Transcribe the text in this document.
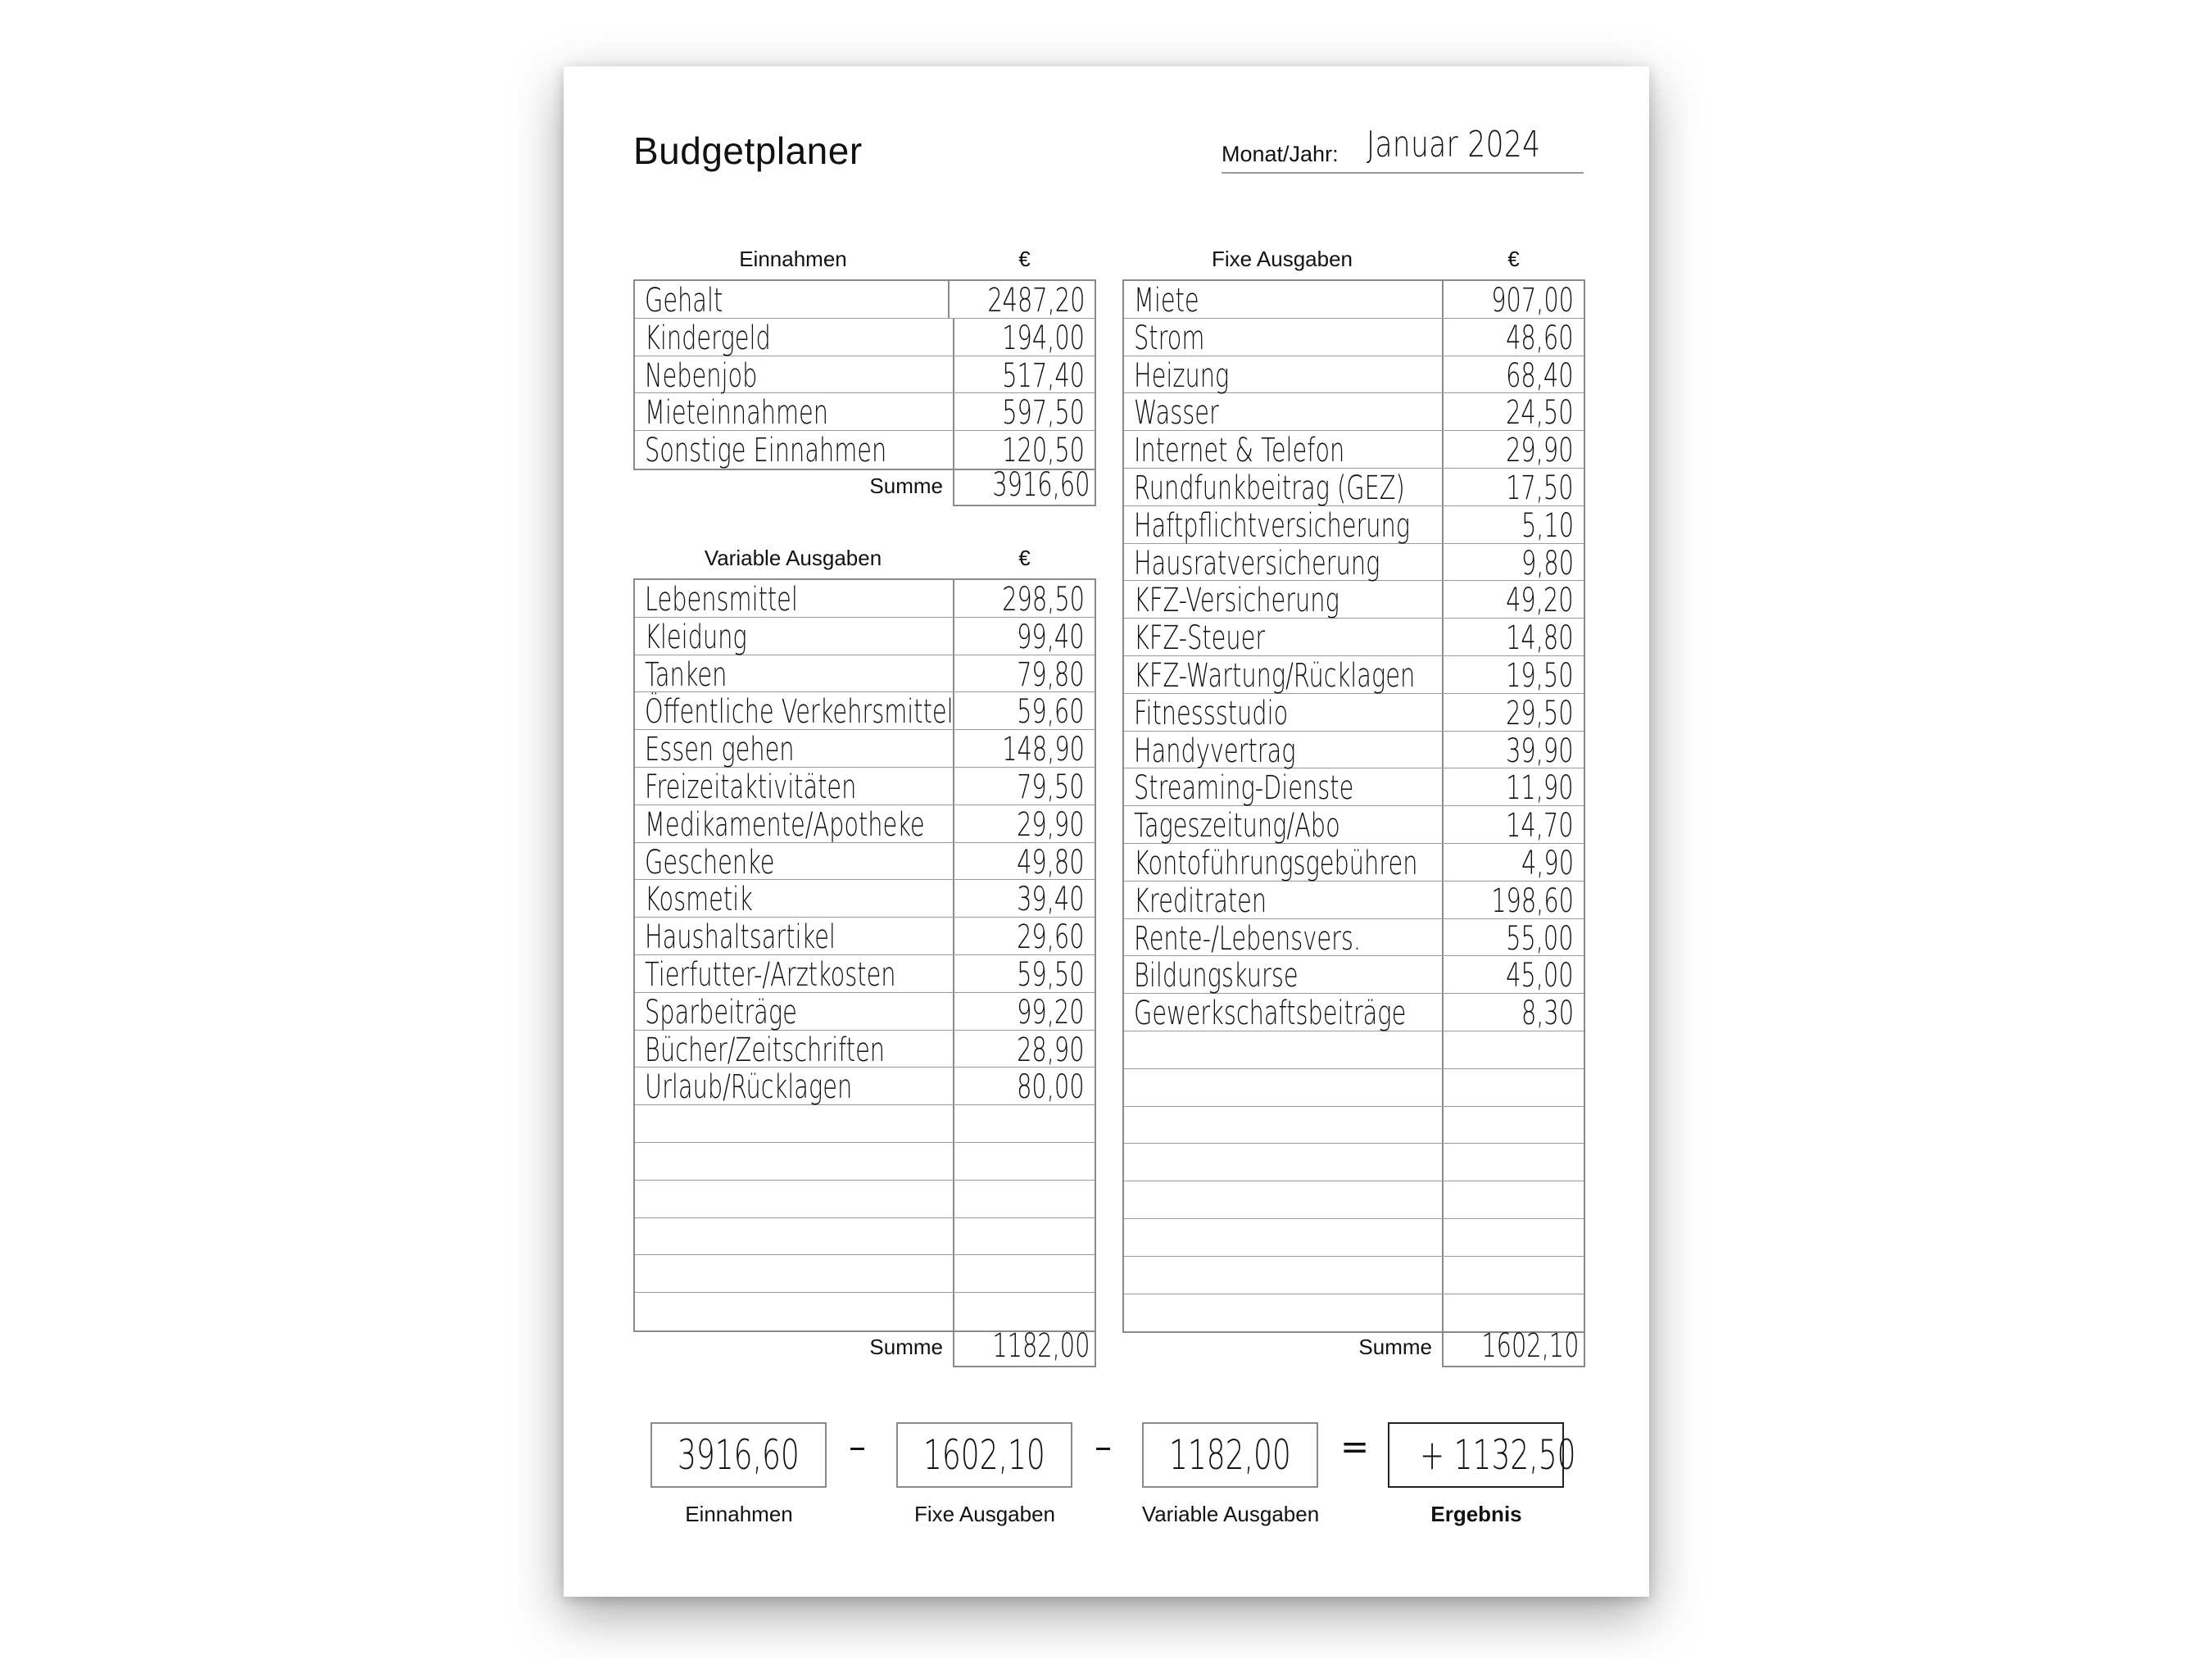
Budgetplaner	Monat/Jahr: Januar 2024
Einnahmen	€
Gehalt	2487,20
Kindergeld	194,00
Nebenjob	517,40
Mieteinnahmen	597,50
Sonstige Einnahmen	120,50
Summe	3916,60
Variable Ausgaben	€
Lebensmittel	298,50
Kleidung	99,40
Tanken	79,80
Öffentliche Verkehrsmittel	59,60
Essen gehen	148,90
Freizeitaktivitäten	79,50
Medikamente/Apotheke	29,90
Geschenke	49,80
Kosmetik	39,40
Haushaltsartikel	29,60
Tierfutter-/Arztkosten	59,50
Sparbeiträge	99,20
Bücher/Zeitschriften	28,90
Urlaub/Rücklagen	80,00
Fixe Ausgaben	€
Miete	907,00
Strom	48,60
Heizung	68,40
Wasser	24,50
Internet & Telefon	29,90
Rundfunkbeitrag (GEZ)	17,50
Haftpflichtversicherung	5,10
Hausratversicherung	9,80
KFZ-Versicherung	49,20
KFZ-Steuer	14,80
KFZ-Wartung/Rücklagen	19,50
Fitnessstudio	29,50
Handyvertrag	39,90
Streaming-Dienste	11,90
Tageszeitung/Abo	14,70
Kontoführungsgebühren	4,90
Kreditraten	198,60
Rente-/Lebensvers.	55,00
Bildungskurse	45,00
Gewerkschaftsbeiträge	8,30
Summe	1182,00	Summe	1602,10
3916,60	–	1602,10	–	1182,00	=	+ 1132,50
Einnahmen	Fixe Ausgaben	Variable Ausgaben	Ergebnis
